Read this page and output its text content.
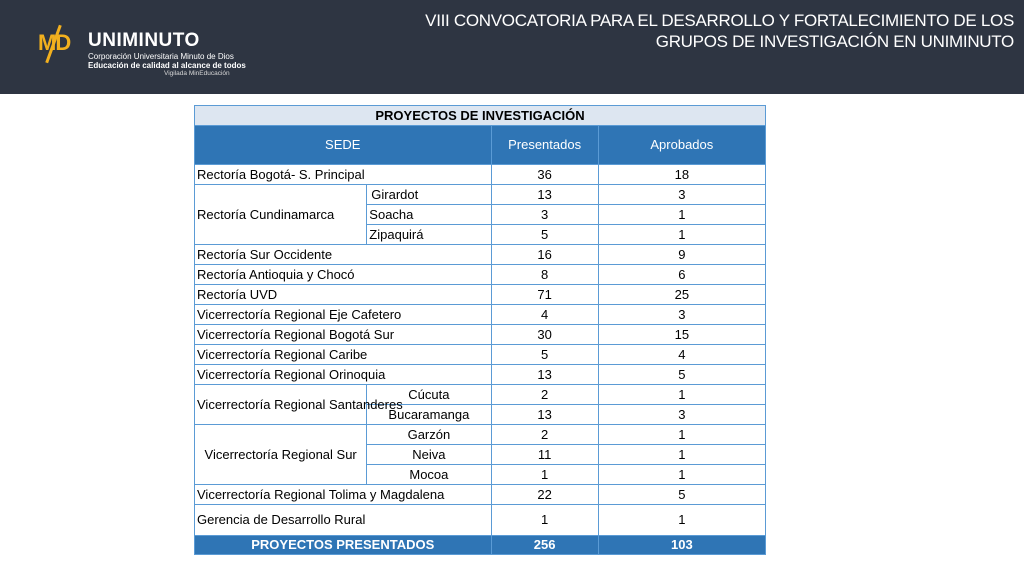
MD UNIMINUTO
Corporación Universitaria Minuto de Dios
Educación de calidad al alcance de todos
Vigilada MinEducación
VIII CONVOCATORIA PARA EL DESARROLLO Y FORTALECIMIENTO DE LOS
GRUPOS DE INVESTIGACIÓN EN UNIMINUTO
PROYECTOS DE INVESTIGACIÓN			
SEDE		Presentados	Aprobados
Rectoría Bogotá- S. Principal		36	18
Rectoría Cundinamarca	Girardot	13	3
	Soacha	3	1
	Zipaquirá	5	1
Rectoría Sur Occidente		16	9
Rectoría Antioquia y Chocó		8	6
Rectoría UVD		71	25
Vicerrectoría Regional Eje Cafetero		4	3
Vicerrectoría Regional Bogotá Sur		30	15
Vicerrectoría Regional Caribe		5	4
Vicerrectoría Regional Orinoquia		13	5
Vicerrectoría Regional Santanderes	Cúcuta	2	1
	Bucaramanga	13	3
Vicerrectoría Regional Sur	Garzón	2	1
	Neiva	11	1
	Mocoa	1	1
Vicerrectoría Regional Tolima y Magdalena		22	5
Gerencia de Desarrollo Rural		1	1
PROYECTOS PRESENTADOS		256	103
